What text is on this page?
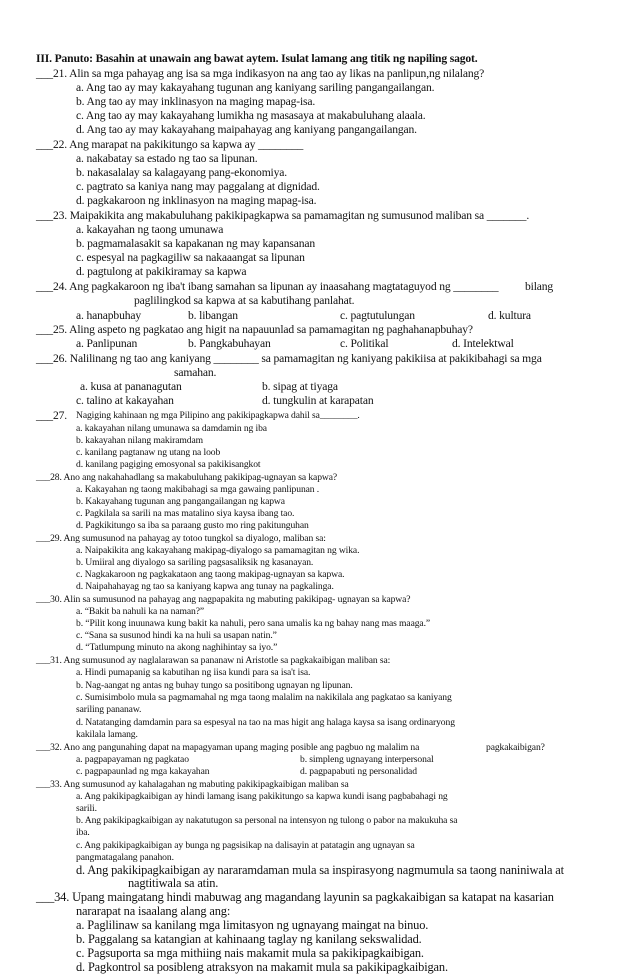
III. Panuto: Basahin at unawain ang bawat aytem. Isulat lamang ang titik ng napiling sagot.
___21. Alin sa mga pahayag ang isa sa mga indikasyon na ang tao ay likas na panlipun,ng nilalang?
a. Ang tao ay may kakayahang tugunan ang kaniyang sariling pangangailangan.
b. Ang tao ay may inklinasyon na maging mapag-isa.
c. Ang tao ay may kakayahang lumikha ng masasaya at makabuluhang alaala.
d. Ang tao ay may kakayahang maipahayag ang kaniyang pangangailangan.
___22. Ang marapat na pakikitungo sa kapwa ay ________
a. nakabatay sa estado ng tao sa lipunan.
b. nakasalalay sa kalagayang pang-ekonomiya.
c. pagtrato sa kaniya nang may paggalang at dignidad.
d. pagkakaroon ng inklinasyon na maging mapag-isa.
___23. Maipakikita ang makabuluhang pakikipagkapwa sa pamamagitan ng sumusunod maliban sa _______.
a. kakayahan ng taong umunawa
b. pagmamalasakit sa kapakanan ng may kapansanan
c. espesyal na pagkagiliw sa nakaaangat sa lipunan
d. pagtulong at pakikiramay sa kapwa
___24. Ang pagkakaroon ng iba't ibang samahan sa lipunan ay inaasahang magtataguyod ng ________ bilang
paglilingkod sa kapwa at sa kabutihang panlahat.
a. hanapbuhay	b. libangan	c. pagtutulungan	d. kultura
___25. Aling aspeto ng pagkatao ang higit na napauunlad sa pamamagitan ng paghahanapbuhay?
a. Panlipunan	b. Pangkabuhayan	c. Politikal	d. Intelektwal
___26. Nalilinang ng tao ang kaniyang ________ sa pamamagitan ng kaniyang pakikiisa at pakikibahagi sa mga
samahan.
a. kusa at pananagutan	b. sipag at tiyaga
c. talino at kakayahan	d. tungkulin at karapatan
___27. Nagiging kahinaan ng mga Pilipino ang pakikipagkapwa dahil sa________.
a. kakayahan nilang umunawa sa damdamin ng iba
b. kakayahan nilang makiramdam
c. kanilang pagtanaw ng utang na loob
d. kanilang pagiging emosyonal sa pakikisangkot
___28. Ano ang nakahahadlang sa makabuluhang pakikipag-ugnayan sa kapwa?
a. Kakayahan ng taong makibahagi sa mga gawaing panlipunan .
b. Kakayahang tugunan ang pangangailangan ng kapwa
c. Pagkilala sa sarili na mas matalino siya kaysa ibang tao.
d. Pagkikitungo sa iba sa paraang gusto mo ring pakitunguhan
___29. Ang sumusunod na pahayag ay totoo tungkol sa diyalogo, maliban sa:
a. Naipakikita ang kakayahang makipag-diyalogo sa pamamagitan ng wika.
b. Umiiral ang diyalogo sa sariling pagsasaliksik ng kasanayan.
c. Nagkakaroon ng pagkakataon ang taong makipag-ugnayan sa kapwa.
d. Naipahahayag ng tao sa kaniyang kapwa ang tunay na pagkalinga.
___30. Alin sa sumusunod na pahayag ang nagpapakita ng mabuting pakikipag- ugnayan sa kapwa?
a. “Bakit ba nahuli ka na naman?”
b. “Pilit kong inuunawa kung bakit ka nahuli, pero sana umalis ka ng bahay nang mas maaga.”
c. “Sana sa susunod hindi ka na huli sa usapan natin.”
d. “Tatlumpung minuto na akong naghihintay sa iyo.”
___31. Ang sumusunod ay naglalarawan sa pananaw ni Aristotle sa pagkakaibigan maliban sa:
a. Hindi pumapanig sa kabutihan ng iisa kundi para sa isa't isa.
b. Nag-aangat ng antas ng buhay tungo sa positibong ugnayan ng lipunan.
c. Sumisimbolo mula sa pagmamahal ng mga taong malalim na nakikilala ang pagkatao sa kaniyang
sariling pananaw.
d. Natatanging damdamin para sa espesyal na tao na mas higit ang halaga kaysa sa isang ordinaryong
kakilala lamang.
___32. Ano ang pangunahing dapat na mapagyaman upang maging posible ang pagbuo ng malalim na	pagkakaibigan?
a. pagpapayaman ng pagkatao	b. simpleng ugnayang interpersonal
c. pagpapaunlad ng mga kakayahan	d. pagpapabuti ng personalidad
___33. Ang sumusunod ay kahalagahan ng mabuting pakikipagkaibigan maliban sa
a. Ang pakikipagkaibigan ay hindi lamang isang pakikitungo sa kapwa kundi isang pagbabahagi ng
sarili.
b. Ang pakikipagkaibigan ay nakatutugon sa personal na intensyon ng tulong o pabor na makukuha sa
iba.
c. Ang pakikipagkaibigan ay bunga ng pagsisikap na dalisayin at patatagin ang ugnayan sa
pangmatagalang panahon.
d. Ang pakikipagkaibigan ay nararamdaman mula sa inspirasyong nagmumula sa taong naniniwala at
nagtitiwala sa atin.
___34. Upang maingatang hindi mabuwag ang magandang layunin sa pagkakaibigan sa katapat na kasarian
nararapat na isaalang alang ang:
a. Paglilinaw sa kanilang mga limitasyon ng ugnayang maingat na binuo.
b. Paggalang sa katangian at kahinaang taglay ng kanilang sekswalidad.
c. Pagsuporta sa mga mithiing nais makamit mula sa pakikipagkaibigan.
d. Pagkontrol sa posibleng atraksyon na makamit mula sa pakikipagkaibigan.
